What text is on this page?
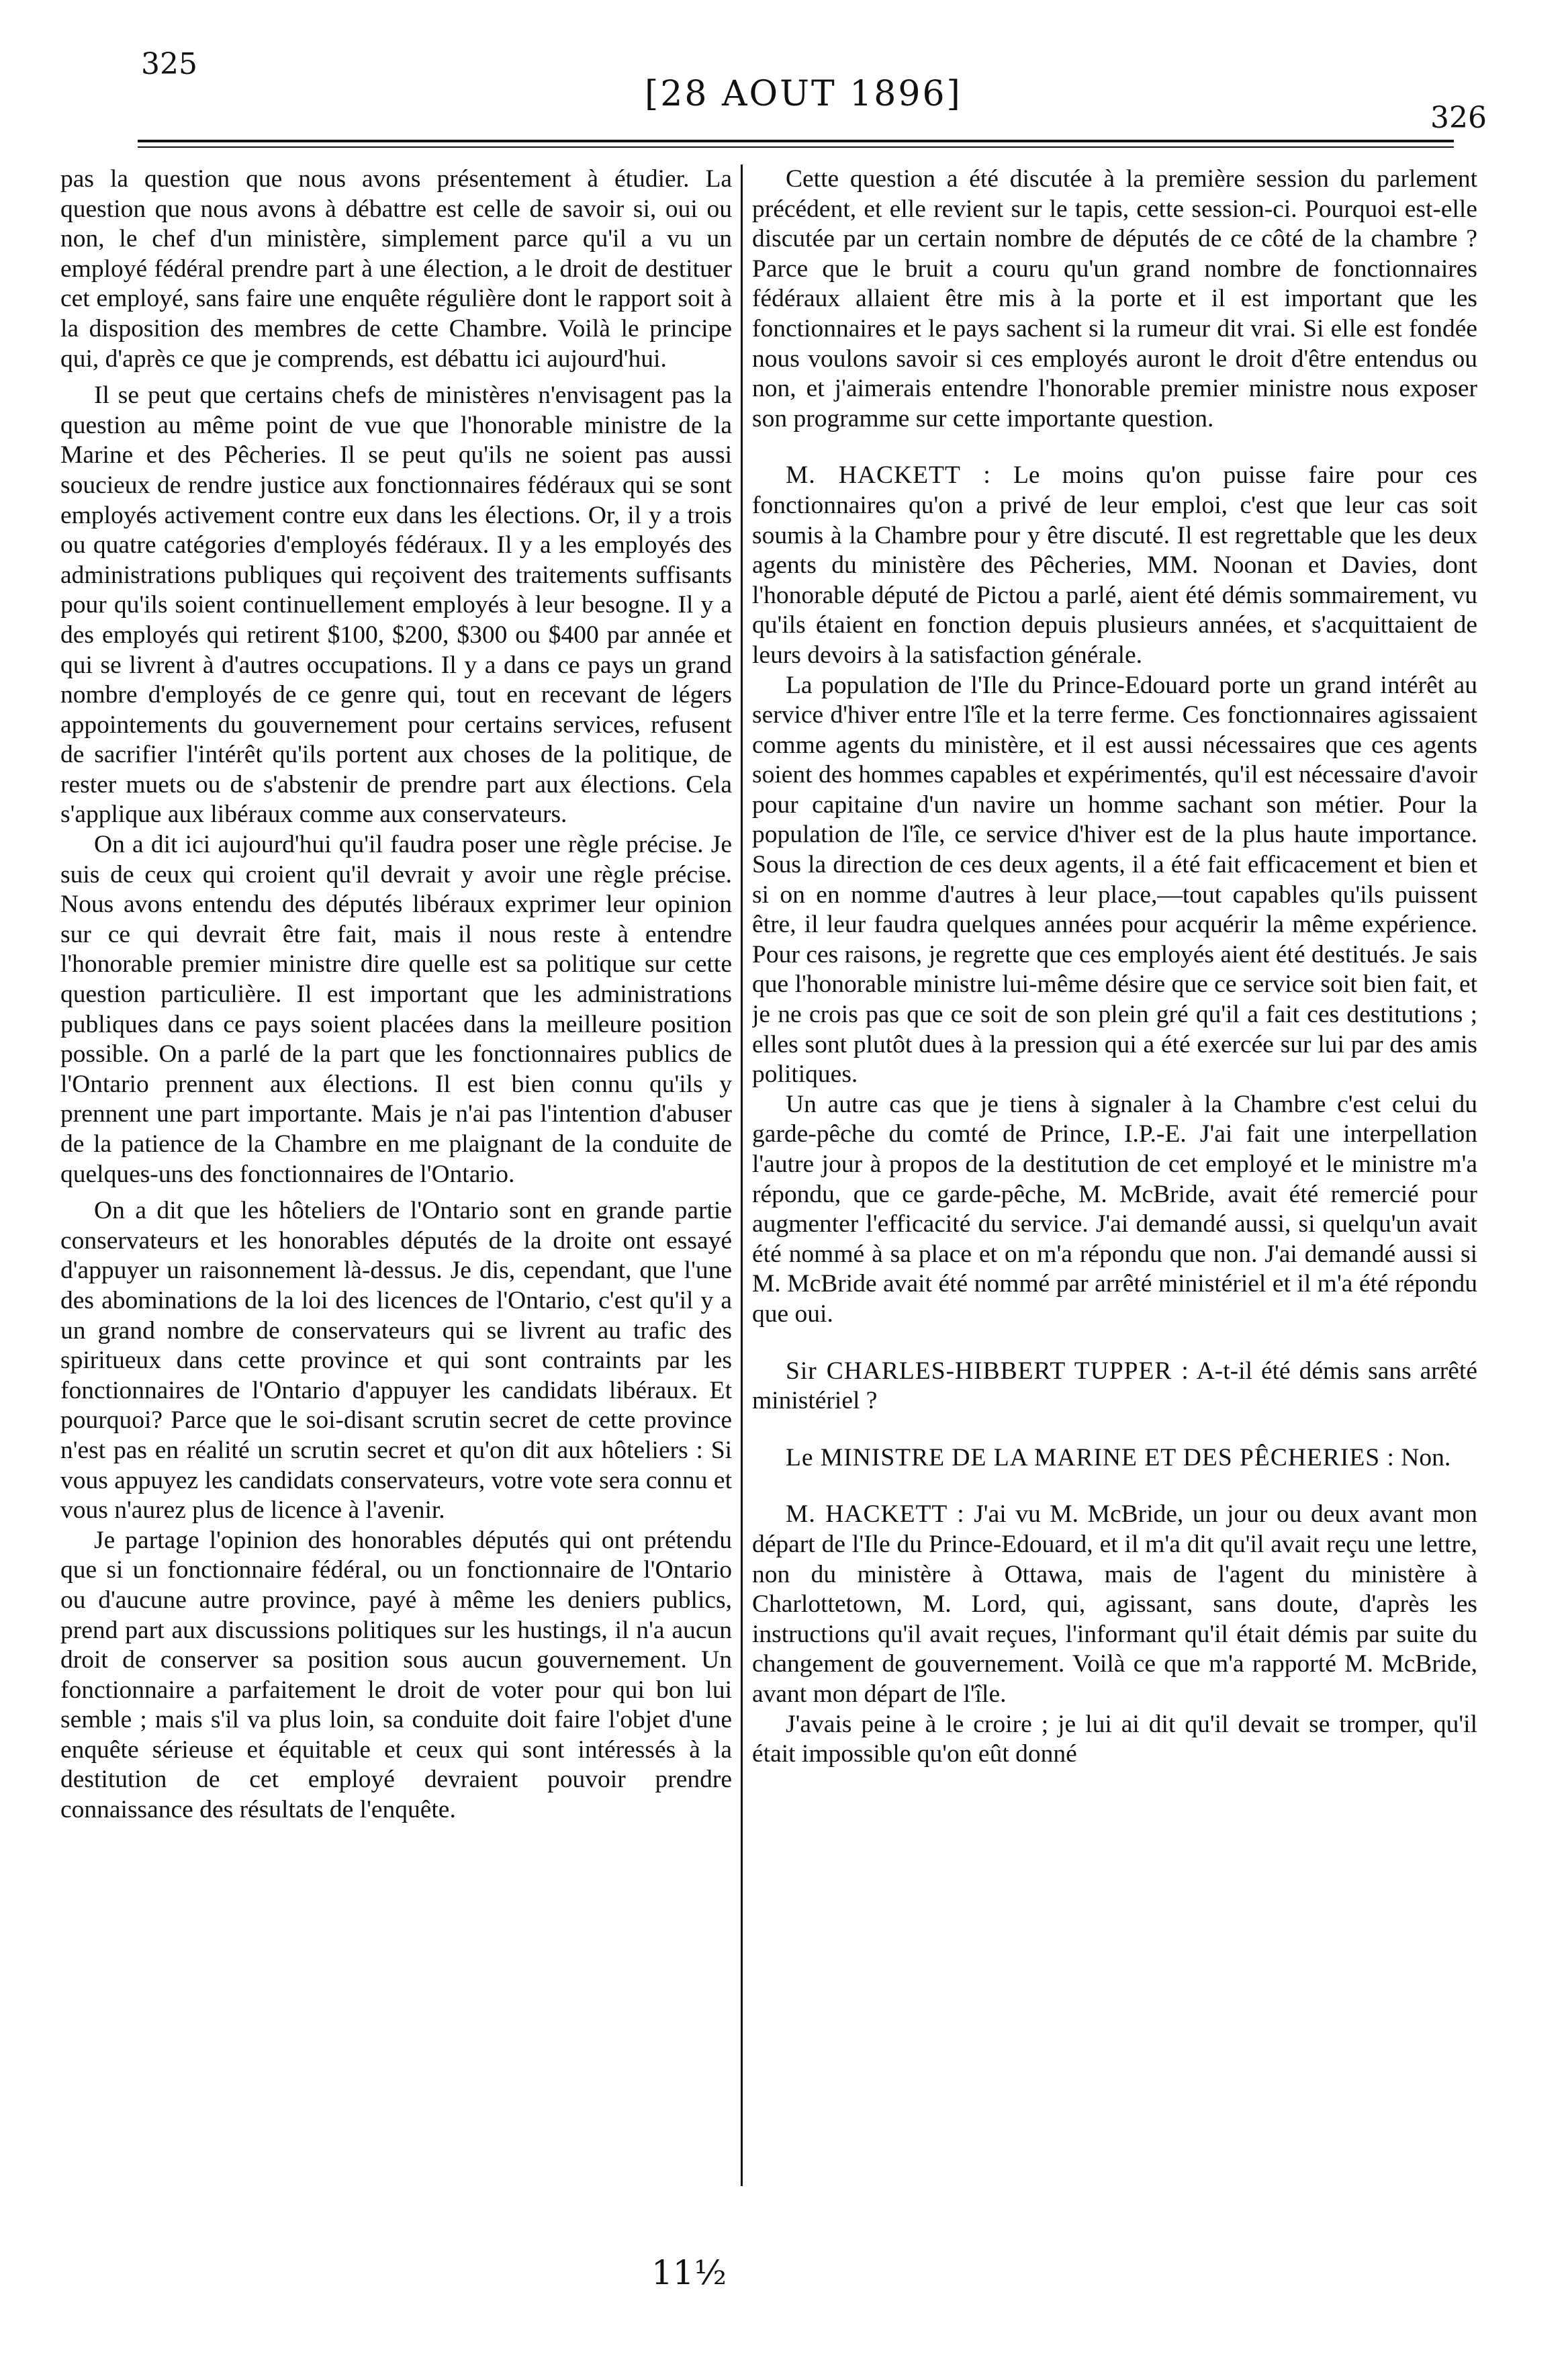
325
[28 AOUT 1896]
326

pas la question que nous avons présentement à étudier. La question que nous avons à débattre est celle de savoir si, oui ou non, le chef d'un ministère, simplement parce qu'il a vu un employé fédéral prendre part à une élection, a le droit de destituer cet employé, sans faire une enquête régulière dont le rapport soit à la disposition des membres de cette Chambre. Voilà le principe qui, d'après ce que je comprends, est débattu ici aujourd'hui.

Il se peut que certains chefs de ministères n'envisagent pas la question au même point de vue que l'honorable ministre de la Marine et des Pêcheries. Il se peut qu'ils ne soient pas aussi soucieux de rendre justice aux fonctionnaires fédéraux qui se sont employés activement contre eux dans les élections. Or, il y a trois ou quatre catégories d'employés fédéraux. Il y a les employés des administrations publiques qui reçoivent des traitements suffisants pour qu'ils soient continuellement employés à leur besogne. Il y a des employés qui retirent $100, $200, $300 ou $400 par année et qui se livrent à d'autres occupations. Il y a dans ce pays un grand nombre d'employés de ce genre qui, tout en recevant de légers appointements du gouvernement pour certains services, refusent de sacrifier l'intérêt qu'ils portent aux choses de la politique, de rester muets ou de s'abstenir de prendre part aux élections. Cela s'applique aux libéraux comme aux conservateurs.

On a dit ici aujourd'hui qu'il faudra poser une règle précise. Je suis de ceux qui croient qu'il devrait y avoir une règle précise. Nous avons entendu des députés libéraux exprimer leur opinion sur ce qui devrait être fait, mais il nous reste à entendre l'honorable premier ministre dire quelle est sa politique sur cette question particulière. Il est important que les administrations publiques dans ce pays soient placées dans la meilleure position possible. On a parlé de la part que les fonctionnaires publics de l'Ontario prennent aux élections. Il est bien connu qu'ils y prennent une part importante. Mais je n'ai pas l'intention d'abuser de la patience de la Chambre en me plaignant de la conduite de quelques-uns des fonctionnaires de l'Ontario.

On a dit que les hôteliers de l'Ontario sont en grande partie conservateurs et les honorables députés de la droite ont essayé d'appuyer un raisonnement là-dessus. Je dis, cependant, que l'une des abominations de la loi des licences de l'Ontario, c'est qu'il y a un grand nombre de conservateurs qui se livrent au trafic des spiritueux dans cette province et qui sont contraints par les fonctionnaires de l'Ontario d'appuyer les candidats libéraux. Et pourquoi? Parce que le soi-disant scrutin secret de cette province n'est pas en réalité un scrutin secret et qu'on dit aux hôteliers : Si vous appuyez les candidats conservateurs, votre vote sera connu et vous n'aurez plus de licence à l'avenir.

Je partage l'opinion des honorables députés qui ont prétendu que si un fonctionnaire fédéral, ou un fonctionnaire de l'Ontario ou d'aucune autre province, payé à même les deniers publics, prend part aux discussions politiques sur les hustings, il n'a aucun droit de conserver sa position sous aucun gouvernement. Un fonctionnaire a parfaitement le droit de voter pour qui bon lui semble ; mais s'il va plus loin, sa conduite doit faire l'objet d'une enquête sérieuse et équitable et ceux qui sont intéressés à la destitution de cet employé devraient pouvoir prendre connaissance des résultats de l'enquête.

Cette question a été discutée à la première session du parlement précédent, et elle revient sur le tapis, cette session-ci. Pourquoi est-elle discutée par un certain nombre de députés de ce côté de la chambre ? Parce que le bruit a couru qu'un grand nombre de fonctionnaires fédéraux allaient être mis à la porte et il est important que les fonctionnaires et le pays sachent si la rumeur dit vrai. Si elle est fondée nous voulons savoir si ces employés auront le droit d'être entendus ou non, et j'aimerais entendre l'honorable premier ministre nous exposer son programme sur cette importante question.

M. HACKETT : Le moins qu'on puisse faire pour ces fonctionnaires qu'on a privé de leur emploi, c'est que leur cas soit soumis à la Chambre pour y être discuté. Il est regrettable que les deux agents du ministère des Pêcheries, MM. Noonan et Davies, dont l'honorable député de Pictou a parlé, aient été démis sommairement, vu qu'ils étaient en fonction depuis plusieurs années, et s'acquittaient de leurs devoirs à la satisfaction générale.

La population de l'Ile du Prince-Edouard porte un grand intérêt au service d'hiver entre l'île et la terre ferme. Ces fonctionnaires agissaient comme agents du ministère, et il est aussi nécessaires que ces agents soient des hommes capables et expérimentés, qu'il est nécessaire d'avoir pour capitaine d'un navire un homme sachant son métier. Pour la population de l'île, ce service d'hiver est de la plus haute importance. Sous la direction de ces deux agents, il a été fait efficacement et bien et si on en nomme d'autres à leur place,—tout capables qu'ils puissent être, il leur faudra quelques années pour acquérir la même expérience. Pour ces raisons, je regrette que ces employés aient été destitués. Je sais que l'honorable ministre lui-même désire que ce service soit bien fait, et je ne crois pas que ce soit de son plein gré qu'il a fait ces destitutions ; elles sont plutôt dues à la pression qui a été exercée sur lui par des amis politiques.

Un autre cas que je tiens à signaler à la Chambre c'est celui du garde-pêche du comté de Prince, I.P.-E. J'ai fait une interpellation l'autre jour à propos de la destitution de cet employé et le ministre m'a répondu, que ce garde-pêche, M. McBride, avait été remercié pour augmenter l'efficacité du service. J'ai demandé aussi, si quelqu'un avait été nommé à sa place et on m'a répondu que non. J'ai demandé aussi si M. McBride avait été nommé par arrêté ministériel et il m'a été répondu que oui.

Sir CHARLES-HIBBERT TUPPER : A-t-il été démis sans arrêté ministériel ?

Le MINISTRE DE LA MARINE ET DES PÊCHERIES : Non.

M. HACKETT : J'ai vu M. McBride, un jour ou deux avant mon départ de l'Ile du Prince-Edouard, et il m'a dit qu'il avait reçu une lettre, non du ministère à Ottawa, mais de l'agent du ministère à Charlottetown, M. Lord, qui, agissant, sans doute, d'après les instructions qu'il avait reçues, l'informant qu'il était démis par suite du changement de gouvernement. Voilà ce que m'a rapporté M. McBride, avant mon départ de l'île.

J'avais peine à le croire ; je lui ai dit qu'il devait se tromper, qu'il était impossible qu'on eût donné

11½
